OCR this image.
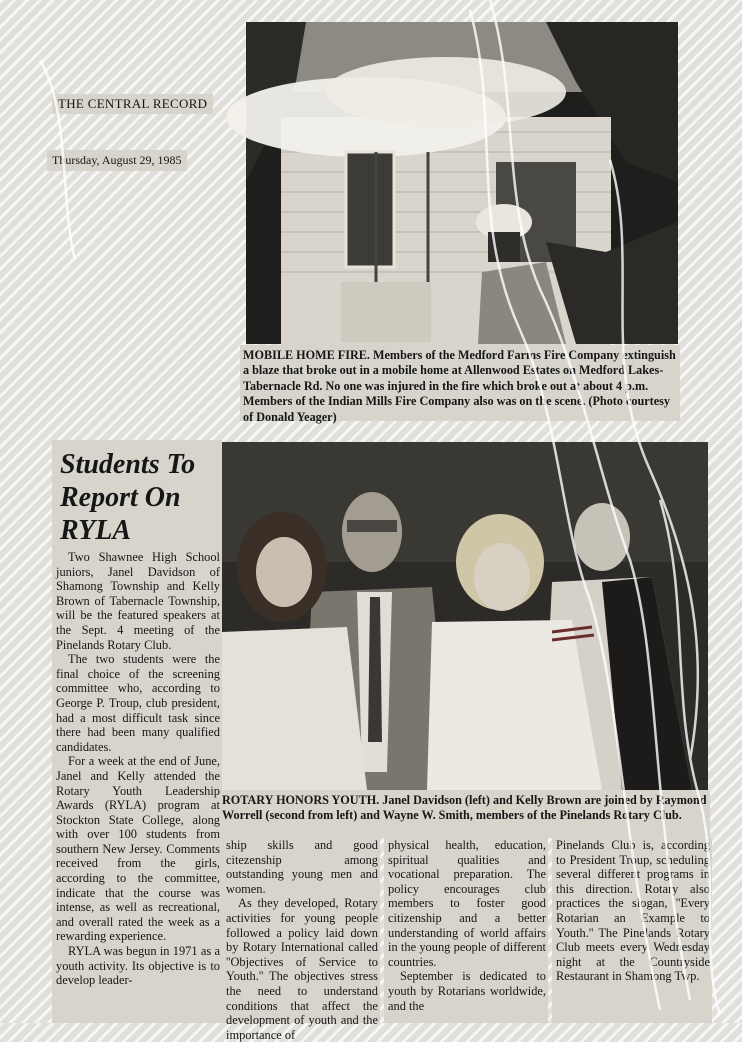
THE CENTRAL RECORD
Thursday, August 29, 1985
MOBILE HOME FIRE. Members of the Medford Farms Fire Company extinguish a blaze that broke out in a mobile home at Allenwood Estates on Medford Lakes-Tabernacle Rd. No one was injured in the fire which broke out at about 4 p.m. Members of the Indian Mills Fire Company also was on the scene. (Photo courtesy of Donald Yeager)
Students To Report On RYLA

Two Shawnee High School juniors, Janel Davidson of Shamong Township and Kelly Brown of Tabernacle Township, will be the featured speakers at the Sept. 4 meeting of the Pinelands Rotary Club.

The two students were the final choice of the screening committee who, according to George P. Troup, club president, had a most difficult task since there had been many qualified candidates.

For a week at the end of June, Janel and Kelly attended the Rotary Youth Leadership Awards (RYLA) program at Stockton State College, along with over 100 students from southern New Jersey. Comments received from the girls, according to the committee, indicate that the course was intense, as well as recreational, and overall rated the week as a rewarding experience.

RYLA was begun in 1971 as a youth activity. Its objective is to develop leader-

ROTARY HONORS YOUTH. Janel Davidson (left) and Kelly Brown are joined by Raymond Worrell (second from left) and Wayne W. Smith, members of the Pinelands Rotary Club.

ship skills and good citezenship among outstanding young men and women.

As they developed, Rotary activities for young people followed a policy laid down by Rotary International called ''Objectives of Service to Youth.'' The objectives stress the need to understand conditions that affect the development of youth and the importance of

physical health, education, spiritual qualities and vocational preparation. The policy encourages club members to foster good citizenship and a better understanding of world affairs in the young people of different countries.

September is dedicated to youth by Rotarians worldwide, and the

Pinelands Club is, according to President Troup, scheduling several different programs in this direction. Rotary also practices the slogan, ''Every Rotarian an Example to Youth.'' The Pinelands Rotary Club meets every Wednesday night at the Countryside Restaurant in Shamong Twp.
